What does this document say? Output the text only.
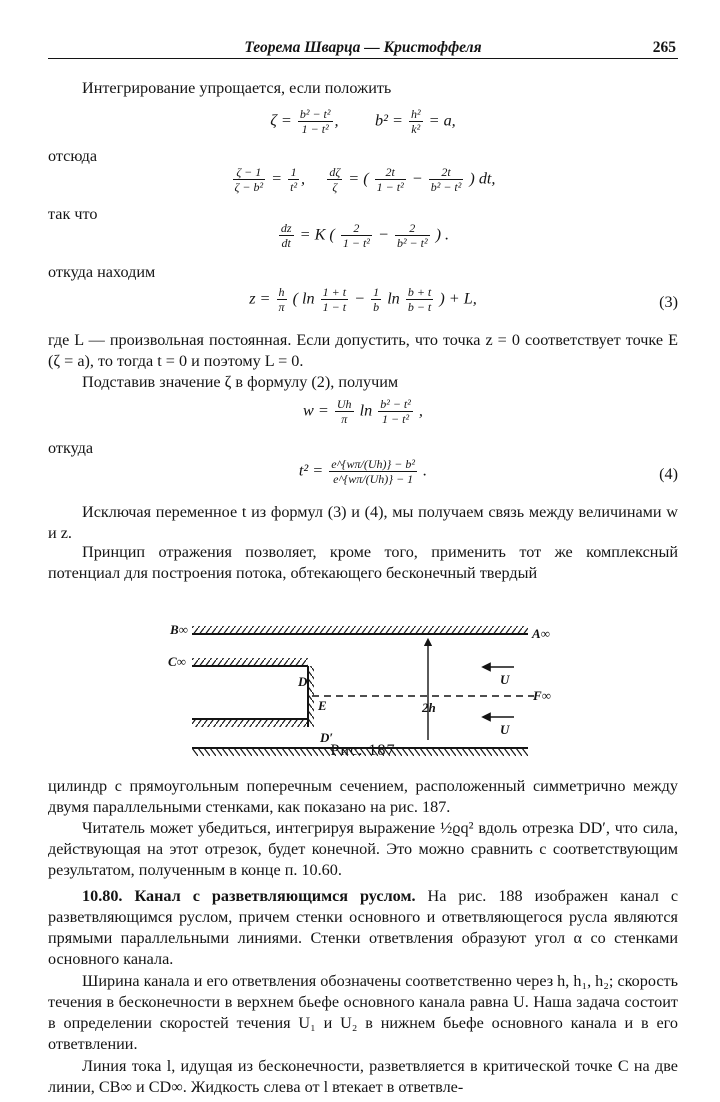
Теорема Шварца — Кристоффеля	265

Интегрирование упрощается, если положить

$\zeta = \frac{\text{b² − t²}}{\text{1 − t²}}$ , $b^2 = \frac{\text{h²}}{\text{k²}} = a$,

отсюда

$\frac{\zeta - 1}{\text{ζ − b²}} = \frac{1}{\text{t²}}$ , $\frac{d\zeta}{\zeta}$ = ( $\frac{2t}{\text{1 − t²}} - \frac{2t}{\text{b² − t²}}$ ) dt,

так что

$\frac{dz}{dt} = K$ ( $\frac{2}{\text{1 − t²}} - \frac{2}{\text{b² − t²}}$ ) .

откуда находим

$z = \frac{h}{\pi}$ ( $\ln \frac{1 + t}{1 - t} - \frac{1}{b}$ $\ln \frac{b + t}{b - t}$ ) + L,	(3)

где L — произвольная постоянная. Если допустить, что точка z = 0 соответствует точке E (ζ = a), то тогда t = 0 и поэтому L = 0.

Подставив значение ζ в формулу (2), получим

$w = \frac{Uh}{\pi}$ $\ln \frac{\text{b² − t²}}{\text{1 − t²}}$ ,

откуда

$t^2 = \frac{\text{e\textasciicircum{}\{wπ/(Uh)\} − b²}}{e\^{}\{w\pi/(Uh)\} - 1}$ .	(4)

Исключая переменное t из формул (3) и (4), мы получаем связь между величинами w и z.

Принцип отражения позволяет, кроме того, применить тот же комплексный потенциал для построения потока, обтекающего бесконечный твердый

B∞	A∞
C∞
D
E
D′
F∞
2h
U
U
Рис. 187

цилиндр с прямоугольным поперечным сечением, расположенный симметрично между двумя параллельными стенками, как показано на рис. 187.

Читатель может убедиться, интегрируя выражение ½ϱq² вдоль отрезка DD′, что сила, действующая на этот отрезок, будет конечной. Это можно сравнить с соответствующим результатом, полученным в конце п. 10.60.

10.80. Канал с разветвляющимся руслом. На рис. 188 изображен канал с разветвляющимся руслом, причем стенки основного и ответвляющегося русла являются прямыми параллельными линиями. Стенки ответвления образуют угол α со стенками основного канала.

Ширина канала и его ответвления обозначены соответственно через h, h₁, h₂; скорость течения в бесконечности в верхнем бьефе основного канала равна U. Наша задача состоит в определении скоростей течения U₁ и U₂ в нижнем бьефе основного канала и в его ответвлении.

Линия тока l, идущая из бесконечности, разветвляется в критической точке C на две линии, CB∞ и CD∞. Жидкость слева от l втекает в ответвле-
